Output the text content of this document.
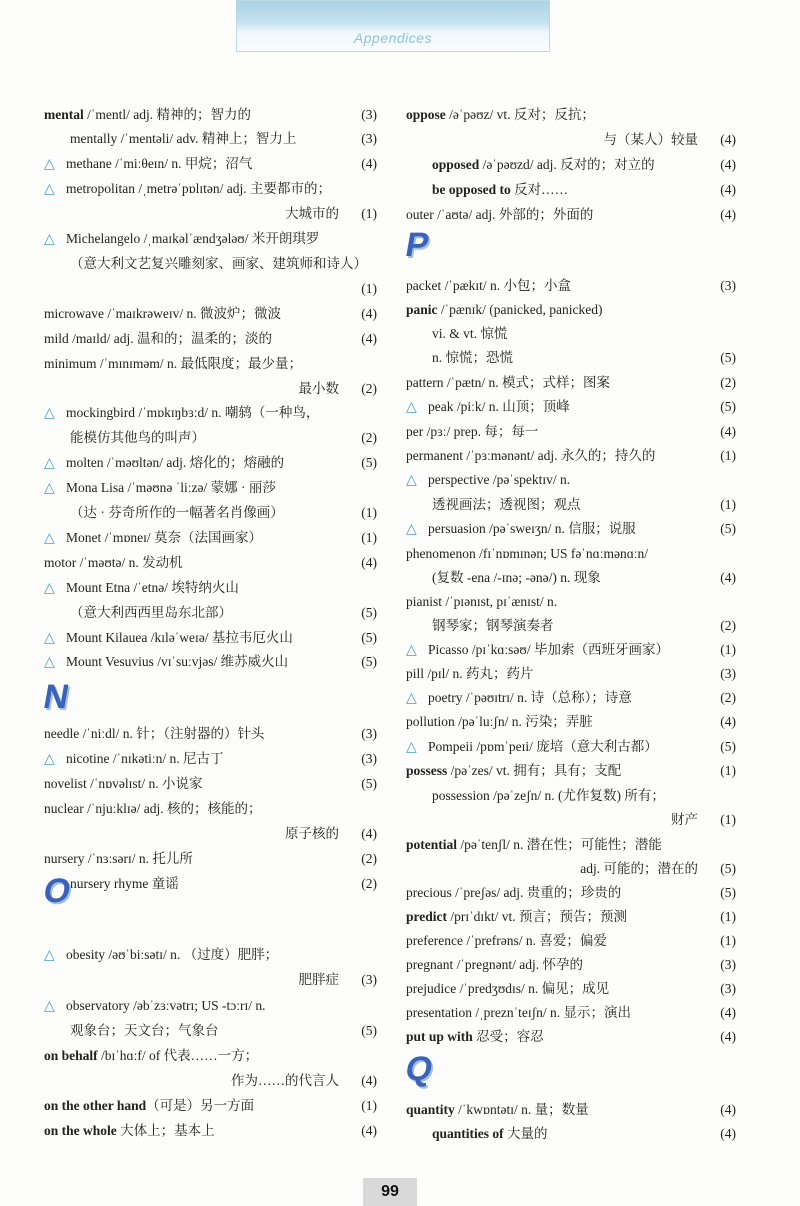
Appendices
mental /ˈmentl/ adj. 精神的；智力的	(3)
mentally /ˈmentəli/ adv. 精神上；智力上	(3)
△ methane /ˈmiːθeɪn/ n. 甲烷；沼气	(4)
△ metropolitan /ˌmetrəˈpɒlɪtən/ adj. 主要都市的；
大城市的 (1)
△ Michelangelo /ˌmaɪkəlˈændʒələʊ/ 米开朗琪罗
（意大利文艺复兴雕刻家、画家、建筑师和诗人）
(1)
microwave /ˈmaɪkrəweɪv/ n. 微波炉；微波	(4)
mild /maɪld/ adj. 温和的；温柔的；淡的	(4)
minimum /ˈmɪnɪməm/ n. 最低限度；最少量；
最小数 (2)
△ mockingbird /ˈmɒkɪŋbɜːd/ n. 嘲鸫（一种鸟，
能模仿其他鸟的叫声）	(2)
△ molten /ˈməʊltən/ adj. 熔化的；熔融的	(5)
△ Mona Lisa /ˈməʊnə ˈliːzə/ 蒙娜 · 丽莎
（达 · 芬奇所作的一幅著名肖像画）	(1)
△ Monet /ˈmɒneɪ/ 莫奈（法国画家）	(1)
motor /ˈməʊtə/ n. 发动机	(4)
△ Mount Etna /ˈetnə/ 埃特纳火山
（意大利西西里岛东北部）	(5)
△ Mount Kilauea /kɪləˈweɪə/ 基拉韦厄火山	(5)
△ Mount Vesuvius /vɪˈsuːvjəs/ 维苏威火山	(5)
needle /ˈniːdl/ n. 针；（注射器的）针头	(3)
△ nicotine /ˈnɪkətiːn/ n. 尼古丁	(3)
novelist /ˈnɒvəlɪst/ n. 小说家	(5)
nuclear /ˈnjuːklɪə/ adj. 核的；核能的；
原子核的 (4)
nursery /ˈnɜːsərɪ/ n. 托儿所	(2)
nursery rhyme 童谣	(2)
△ obesity /əʊˈbiːsətɪ/ n. （过度）肥胖；
肥胖症 (3)
△ observatory /əbˈzɜːvətrɪ; US -tɔːrɪ/ n.
观象台；天文台；气象台	(5)
on behalf /bɪˈhɑːf/ of 代表……一方；
作为……的代言人 (4)
on the other hand（可是）另一方面	(1)
on the whole 大体上；基本上	(4)
oppose /əˈpəʊz/ vt. 反对；反抗；
与（某人）较量 (4)
opposed /əˈpəʊzd/ adj. 反对的；对立的	(4)
be opposed to 反对……	(4)
outer /ˈaʊtə/ adj. 外部的；外面的	(4)
packet /ˈpækɪt/ n. 小包；小盒	(3)
panic /ˈpænɪk/ (panicked, panicked)
vi. & vt. 惊慌
n. 惊慌；恐慌	(5)
pattern /ˈpætn/ n. 模式；式样；图案	(2)
△ peak /piːk/ n. 山顶；顶峰	(5)
per /pɜː/ prep. 每；每一	(4)
permanent /ˈpɜːmənənt/ adj. 永久的；持久的	(1)
△ perspective /pəˈspektɪv/ n.
透视画法；透视图；观点	(1)
△ persuasion /pəˈsweɪʒn/ n. 信服；说服	(5)
phenomenon /fɪˈnɒmɪnən; US fəˈnɑːmənɑːn/
(复数 -ena /-ɪnə; -ənə/) n. 现象	(4)
pianist /ˈpɪənɪst, pɪˈænɪst/ n.
钢琴家；钢琴演奏者	(2)
△ Picasso /pɪˈkɑːsəʊ/ 毕加索（西班牙画家）	(1)
pill /pɪl/ n. 药丸；药片	(3)
△ poetry /ˈpəʊɪtrɪ/ n. 诗（总称）；诗意	(2)
pollution /pəˈluːʃn/ n. 污染；弄脏	(4)
△ Pompeii /pɒmˈpeɪi/ 庞培（意大利古都）	(5)
possess /pəˈzes/ vt. 拥有；具有；支配	(1)
possession /pəˈzeʃn/ n. (尤作复数) 所有；
财产 (1)
potential /pəˈtenʃl/ n. 潜在性；可能性；潜能
adj. 可能的；潜在的 (5)
precious /ˈpreʃəs/ adj. 贵重的；珍贵的	(5)
predict /prɪˈdɪkt/ vt. 预言；预告；预测	(1)
preference /ˈprefrəns/ n. 喜爱；偏爱	(1)
pregnant /ˈpregnənt/ adj. 怀孕的	(3)
prejudice /ˈpredʒʊdɪs/ n. 偏见；成见	(3)
presentation /ˌpreznˈteɪʃn/ n. 显示；演出	(4)
put up with 忍受；容忍	(4)
quantity /ˈkwɒntətɪ/ n. 量；数量	(4)
quantities of 大量的	(4)
99
N
O
P
Q
